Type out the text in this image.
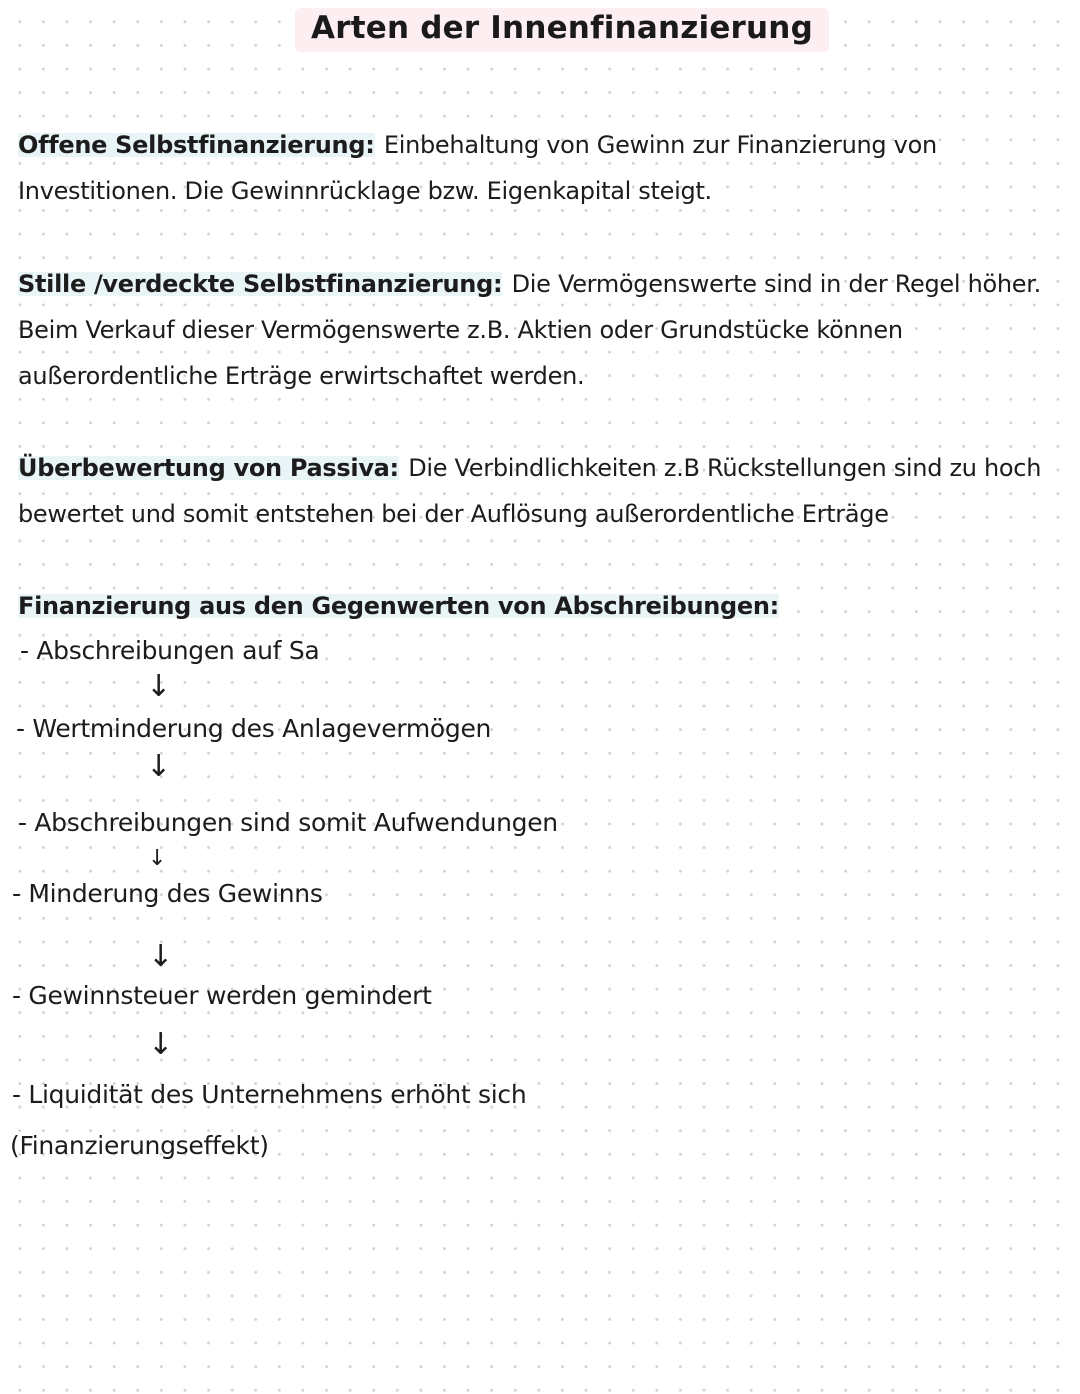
Arten der Innenfinanzierung
Offene Selbstfinanzierung: Einbehaltung von Gewinn zur Finanzierung von Investitionen. Die Gewinnrücklage bzw. Eigenkapital steigt.
Stille /verdeckte Selbstfinanzierung: Die Vermögenswerte sind in der Regel höher. Beim Verkauf dieser Vermögenswerte z.B. Aktien oder Grundstücke können außerordentliche Erträge erwirtschaftet werden.
Überbewertung von Passiva: Die Verbindlichkeiten z.B Rückstellungen sind zu hoch bewertet und somit entstehen bei der Auflösung außerordentliche Erträge
Finanzierung aus den Gegenwerten von Abschreibungen:
- Abschreibungen auf Sa
↓
- Wertminderung des Anlagevermögen
↓
- Abschreibungen sind somit Aufwendungen
↓
- Minderung des Gewinns
↓
- Gewinnsteuer werden gemindert
↓
- Liquidität des Unternehmens erhöht sich
(Finanzierungseffekt)
